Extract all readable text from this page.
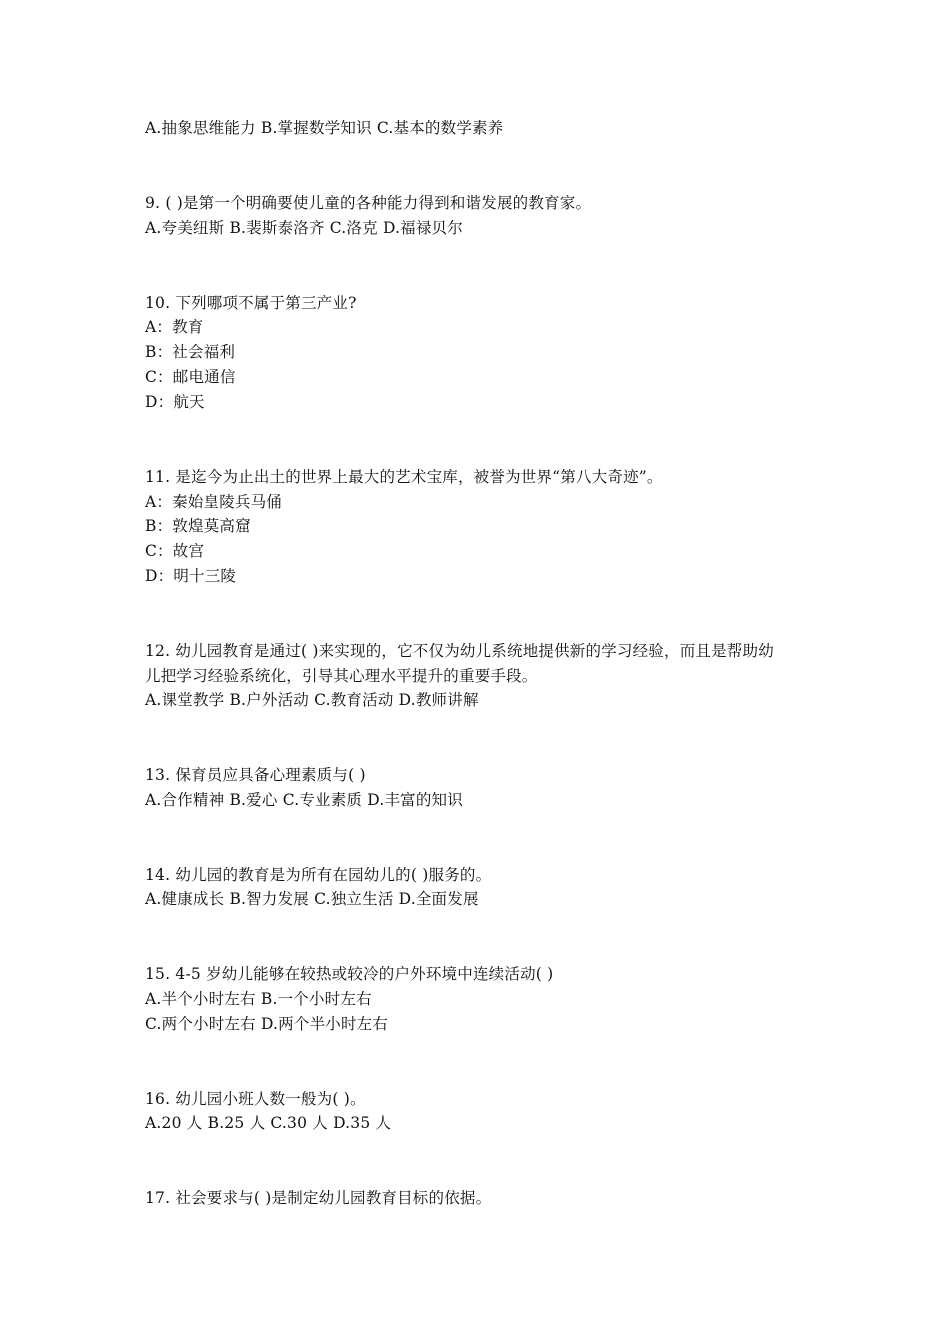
A.抽象思维能力 B.掌握数学知识 C.基本的数学素养
9. ( )是第一个明确要使儿童的各种能力得到和谐发展的教育家。
A.夸美纽斯 B.裴斯泰洛齐 C.洛克 D.福禄贝尔
10. 下列哪项不属于第三产业?
A：教育
B：社会福利
C：邮电通信
D：航天
11. 是迄今为止出土的世界上最大的艺术宝库，被誉为世界“第八大奇迹”。
A：秦始皇陵兵马俑
B：敦煌莫高窟
C：故宫
D：明十三陵
12. 幼儿园教育是通过( )来实现的，它不仅为幼儿系统地提供新的学习经验，而且是帮助幼
儿把学习经验系统化，引导其心理水平提升的重要手段。
A.课堂教学 B.户外活动 C.教育活动 D.教师讲解
13. 保育员应具备心理素质与( )
A.合作精神 B.爱心 C.专业素质 D.丰富的知识
14. 幼儿园的教育是为所有在园幼儿的( )服务的。
A.健康成长 B.智力发展 C.独立生活 D.全面发展
15. 4-5 岁幼儿能够在较热或较冷的户外环境中连续活动( )
A.半个小时左右 B.一个小时左右
C.两个小时左右 D.两个半小时左右
16. 幼儿园小班人数一般为( )。
A.20 人 B.25 人 C.30 人 D.35 人
17. 社会要求与( )是制定幼儿园教育目标的依据。
